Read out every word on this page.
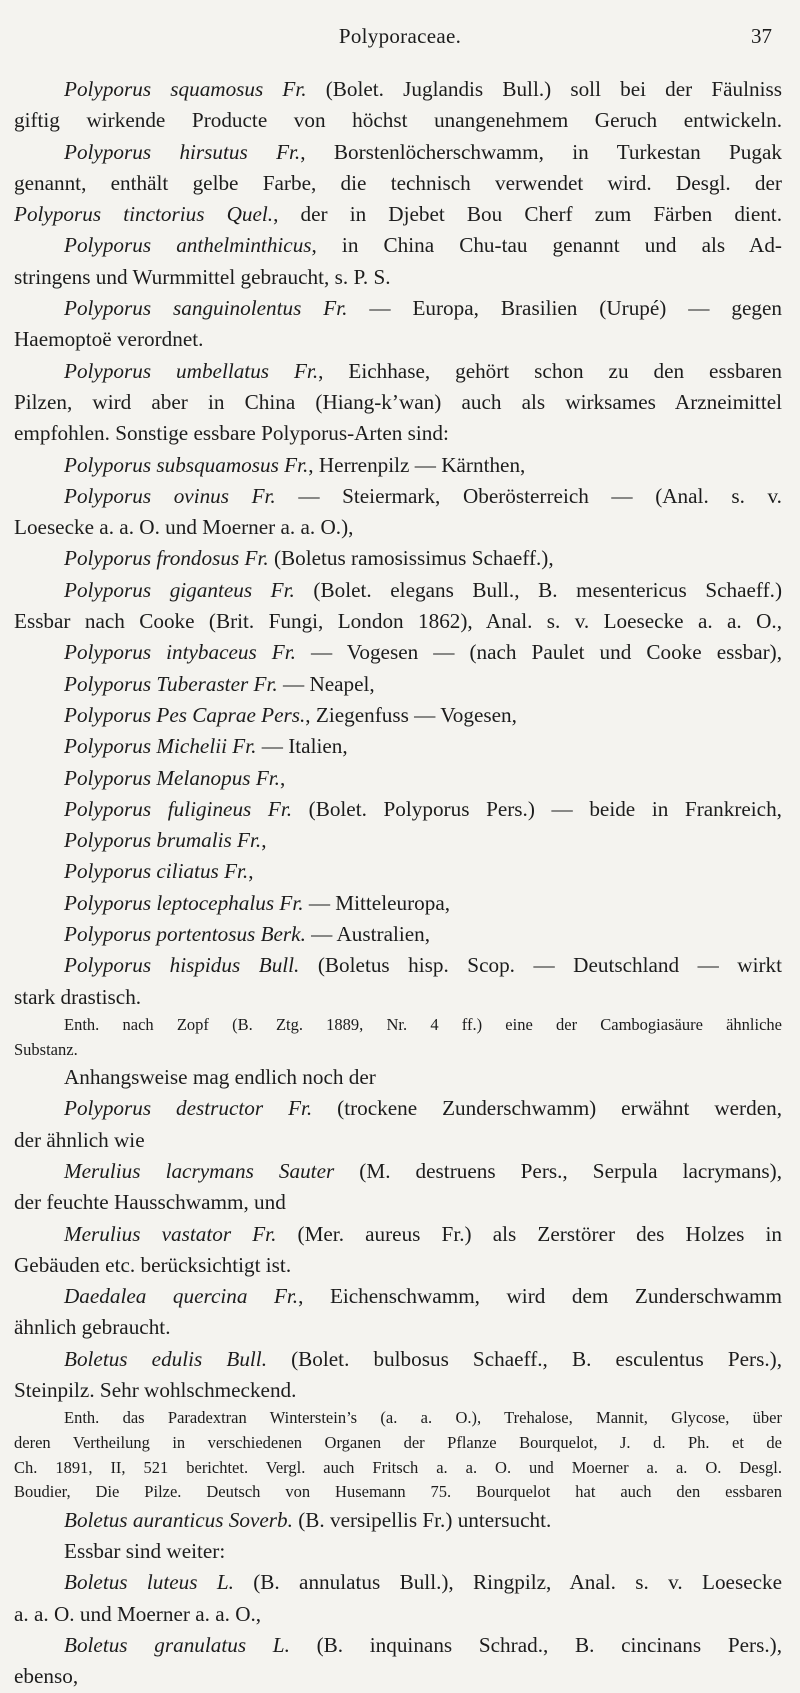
Polyporaceae.	37
Polyporus squamosus Fr. (Bolet. Juglandis Bull.) soll bei der Fäulniss
giftig wirkende Producte von höchst unangenehmem Geruch entwickeln.
Polyporus hirsutus Fr., Borstenlöcherschwamm, in Turkestan Pugak
genannt, enthält gelbe Farbe, die technisch verwendet wird. Desgl. der
Polyporus tinctorius Quel., der in Djebet Bou Cherf zum Färben dient.
Polyporus anthelminthicus, in China Chu-tau genannt und als Ad-
stringens und Wurmmittel gebraucht, s. P. S.
Polyporus sanguinolentus Fr. — Europa, Brasilien (Urupé) — gegen
Haemoptoë verordnet.
Polyporus umbellatus Fr., Eichhase, gehört schon zu den essbaren
Pilzen, wird aber in China (Hiang-k’wan) auch als wirksames Arzneimittel
empfohlen. Sonstige essbare Polyporus-Arten sind:
Polyporus subsquamosus Fr., Herrenpilz — Kärnthen,
Polyporus ovinus Fr. — Steiermark, Oberösterreich — (Anal. s. v.
Loesecke a. a. O. und Moerner a. a. O.),
Polyporus frondosus Fr. (Boletus ramosissimus Schaeff.),
Polyporus giganteus Fr. (Bolet. elegans Bull., B. mesentericus Schaeff.)
Essbar nach Cooke (Brit. Fungi, London 1862), Anal. s. v. Loesecke a. a. O.,
Polyporus intybaceus Fr. — Vogesen — (nach Paulet und Cooke essbar),
Polyporus Tuberaster Fr. — Neapel,
Polyporus Pes Caprae Pers., Ziegenfuss — Vogesen,
Polyporus Michelii Fr. — Italien,
Polyporus Melanopus Fr.,
Polyporus fuligineus Fr. (Bolet. Polyporus Pers.) — beide in Frankreich,
Polyporus brumalis Fr.,
Polyporus ciliatus Fr.,
Polyporus leptocephalus Fr. — Mitteleuropa,
Polyporus portentosus Berk. — Australien,
Polyporus hispidus Bull. (Boletus hisp. Scop. — Deutschland — wirkt
stark drastisch.
Enth. nach Zopf (B. Ztg. 1889, Nr. 4 ff.) eine der Cambogiasäure ähnliche
Substanz.
Anhangsweise mag endlich noch der
Polyporus destructor Fr. (trockene Zunderschwamm) erwähnt werden,
der ähnlich wie
Merulius lacrymans Sauter (M. destruens Pers., Serpula lacrymans),
der feuchte Hausschwamm, und
Merulius vastator Fr. (Mer. aureus Fr.) als Zerstörer des Holzes in
Gebäuden etc. berücksichtigt ist.
Daedalea quercina Fr., Eichenschwamm, wird dem Zunderschwamm
ähnlich gebraucht.
Boletus edulis Bull. (Bolet. bulbosus Schaeff., B. esculentus Pers.),
Steinpilz. Sehr wohlschmeckend.
Enth. das Paradextran Winterstein’s (a. a. O.), Trehalose, Mannit, Glycose, über
deren Vertheilung in verschiedenen Organen der Pflanze Bourquelot, J. d. Ph. et de
Ch. 1891, II, 521 berichtet. Vergl. auch Fritsch a. a. O. und Moerner a. a. O. Desgl.
Boudier, Die Pilze. Deutsch von Husemann 75. Bourquelot hat auch den essbaren
Boletus auranticus Soverb. (B. versipellis Fr.) untersucht.
Essbar sind weiter:
Boletus luteus L. (B. annulatus Bull.), Ringpilz, Anal. s. v. Loesecke
a. a. O. und Moerner a. a. O.,
Boletus granulatus L. (B. inquinans Schrad., B. cincinans Pers.),
ebenso,
